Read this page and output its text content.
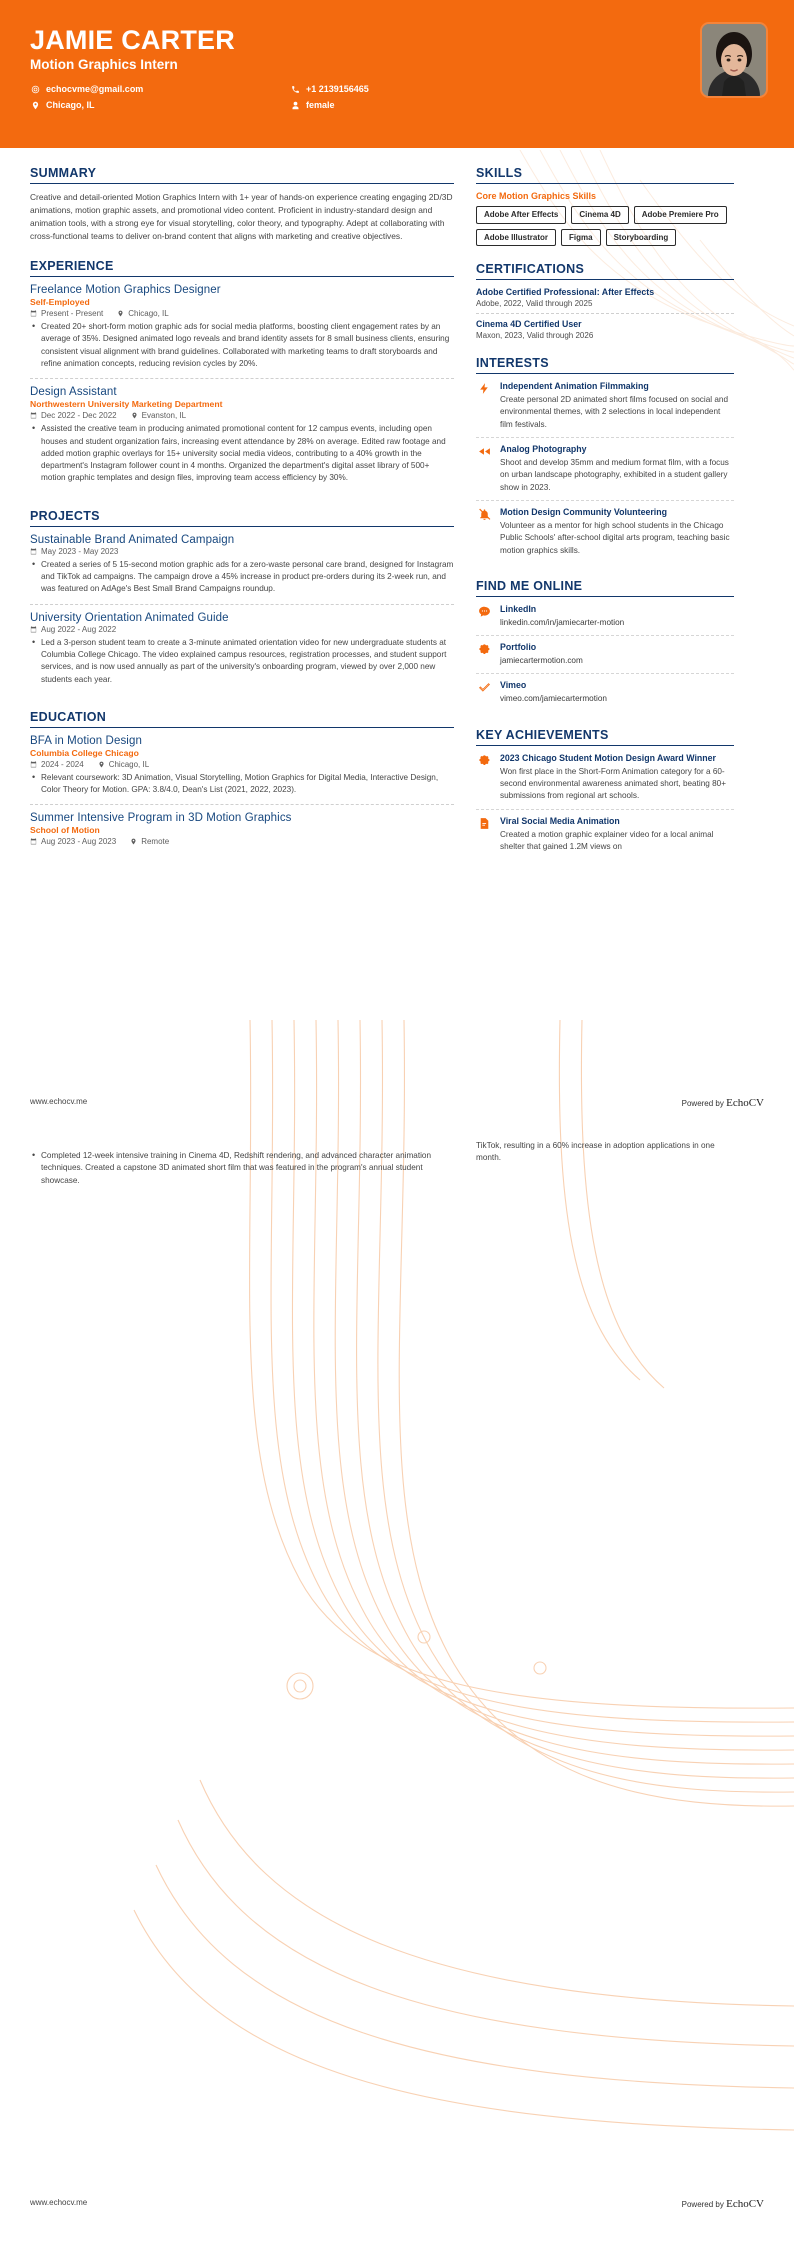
JAMIE CARTER
Motion Graphics Intern
echocvme@gmail.com
Chicago, IL
+1 2139156465
female
SUMMARY
Creative and detail-oriented Motion Graphics Intern with 1+ year of hands-on experience creating engaging 2D/3D animations, motion graphic assets, and promotional video content. Proficient in industry-standard design and animation tools, with a strong eye for visual storytelling, color theory, and typography. Adept at collaborating with cross-functional teams to deliver on-brand content that aligns with marketing and creative objectives.
EXPERIENCE
Freelance Motion Graphics Designer
Self-Employed
Present - Present	Chicago, IL
• Created 20+ short-form motion graphic ads for social media platforms, boosting client engagement rates by an average of 35%. Designed animated logo reveals and brand identity assets for 8 small business clients, ensuring consistent visual alignment with brand guidelines. Collaborated with marketing teams to draft storyboards and refine animation concepts, reducing revision cycles by 20%.
Design Assistant
Northwestern University Marketing Department
Dec 2022 - Dec 2022	Evanston, IL
• Assisted the creative team in producing animated promotional content for 12 campus events, including open houses and student organization fairs, increasing event attendance by 28% on average. Edited raw footage and added motion graphic overlays for 15+ university social media videos, contributing to a 40% growth in the department's Instagram follower count in 4 months. Organized the department's digital asset library of 500+ motion graphic templates and design files, improving team access efficiency by 30%.
PROJECTS
Sustainable Brand Animated Campaign
May 2023 - May 2023
• Created a series of 5 15-second motion graphic ads for a zero-waste personal care brand, designed for Instagram and TikTok ad campaigns. The campaign drove a 45% increase in product pre-orders during its 2-week run, and was featured on AdAge's Best Small Brand Campaigns roundup.
University Orientation Animated Guide
Aug 2022 - Aug 2022
• Led a 3-person student team to create a 3-minute animated orientation video for new undergraduate students at Columbia College Chicago. The video explained campus resources, registration processes, and student support services, and is now used annually as part of the university's onboarding program, viewed by over 2,000 new students each year.
EDUCATION
BFA in Motion Design
Columbia College Chicago
2024 - 2024	Chicago, IL
• Relevant coursework: 3D Animation, Visual Storytelling, Motion Graphics for Digital Media, Interactive Design, Color Theory for Motion. GPA: 3.8/4.0, Dean's List (2021, 2022, 2023).
Summer Intensive Program in 3D Motion Graphics
School of Motion
Aug 2023 - Aug 2023	Remote
SKILLS
Core Motion Graphics Skills
Adobe After Effects	Cinema 4D	Adobe Premiere Pro
Adobe Illustrator	Figma	Storyboarding
CERTIFICATIONS
Adobe Certified Professional: After Effects
Adobe, 2022, Valid through 2025
Cinema 4D Certified User
Maxon, 2023, Valid through 2026
INTERESTS
Independent Animation Filmmaking
Create personal 2D animated short films focused on social and environmental themes, with 2 selections in local independent film festivals.
Analog Photography
Shoot and develop 35mm and medium format film, with a focus on urban landscape photography, exhibited in a student gallery show in 2023.
Motion Design Community Volunteering
Volunteer as a mentor for high school students in the Chicago Public Schools' after-school digital arts program, teaching basic motion graphics skills.
FIND ME ONLINE
LinkedIn
linkedin.com/in/jamiecarter-motion
Portfolio
jamiecartermotion.com
Vimeo
vimeo.com/jamiecartermotion
KEY ACHIEVEMENTS
2023 Chicago Student Motion Design Award Winner
Won first place in the Short-Form Animation category for a 60-second environmental awareness animated short, beating 80+ submissions from regional art schools.
Viral Social Media Animation
Created a motion graphic explainer video for a local animal shelter that gained 1.2M views on
www.echocv.me	Powered by EchoCV
• Completed 12-week intensive training in Cinema 4D, Redshift rendering, and advanced character animation techniques. Created a capstone 3D animated short film that was featured in the program's annual student showcase.
TikTok, resulting in a 60% increase in adoption applications in one month.
www.echocv.me	Powered by EchoCV
